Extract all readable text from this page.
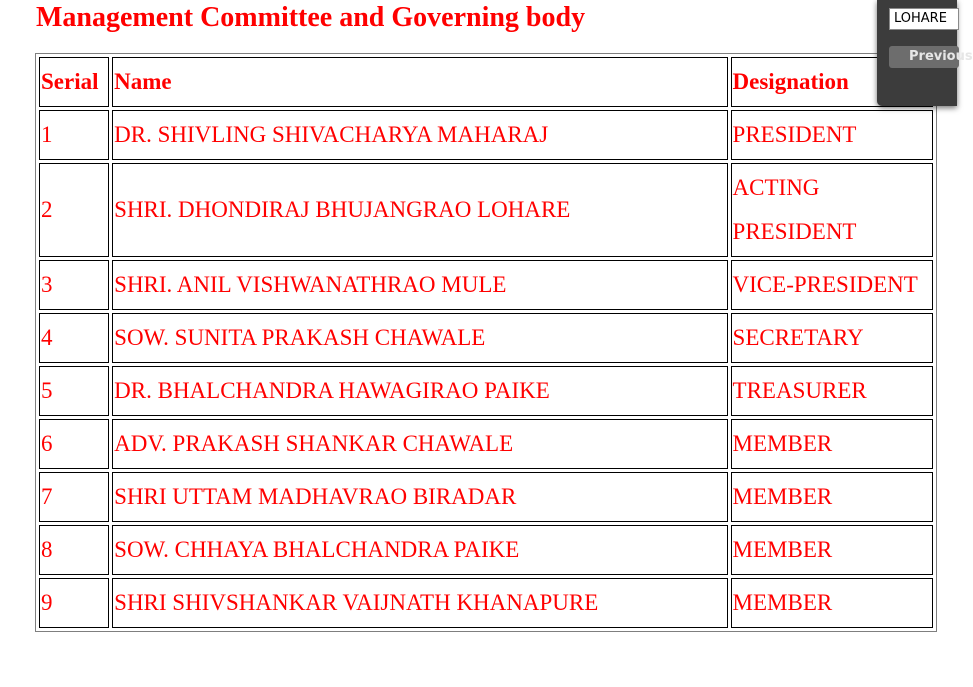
Management Committee and Governing body
Serial	Name	Designation
1	DR. SHIVLING SHIVACHARYA MAHARAJ	PRESIDENT
2	SHRI. DHONDIRAJ BHUJANGRAO LOHARE	ACTING PRESIDENT
3	SHRI. ANIL VISHWANATHRAO MULE	VICE-PRESIDENT
4	SOW. SUNITA PRAKASH CHAWALE	SECRETARY
5	DR. BHALCHANDRA HAWAGIRAO PAIKE	TREASURER
6	ADV. PRAKASH SHANKAR CHAWALE	MEMBER
7	SHRI UTTAM MADHAVRAO BIRADAR	MEMBER
8	SOW. CHHAYA BHALCHANDRA PAIKE	MEMBER
9	SHRI SHIVSHANKAR VAIJNATH KHANAPURE	MEMBER
LOHARE
Previous
